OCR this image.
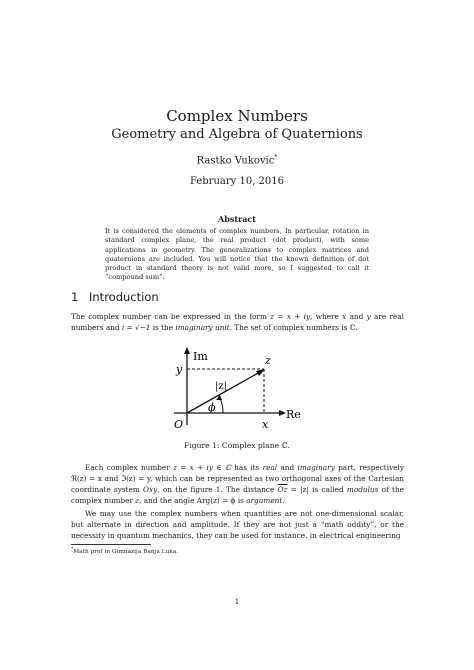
Complex Numbers
Geometry and Algebra of Quaternions
Rastko Vukovic*
February 10, 2016
Abstract
It is considered the elements of complex numbers, In particular, rotation in standard complex plane, the real product (dot product), with some applications in geometry. The generalizations to complex matrices and quaternions are included. You will notice that the known definition of dot product in standard theory is not valid more, so I suggested to call it “compound sum”.
1 Introduction
The complex number can be expressed in the form z = x + iy, where x and y are real numbers and i = √−1 is the imaginary unit. The set of complex numbers is ℂ.
Im
Re
O	x
y
z
|z|
ϕ
Figure 1: Complex plane ℂ.
Each complex number z = x + iy ∈ ℂ has its real and imaginary part, respectively ℜ(z) = x and ℑ(z) = y, which can be represented as two orthogonal axes of the Cartesian coordinate system Oxy, on the figure 1. The distance $\overline{Oz} = |z|$ is called modulus of the complex number z, and the angle Arg(z) = ϕ is argument.
We may use the complex numbers when quantities are not one-dimensional scalar, but alternate in direction and amplitude. If they are not just a “math oddity”, or the necessity in quantum mechanics, they can be used for instance, in electrical engineering
*Math prof in Gimnazija Banja Luka.
1
